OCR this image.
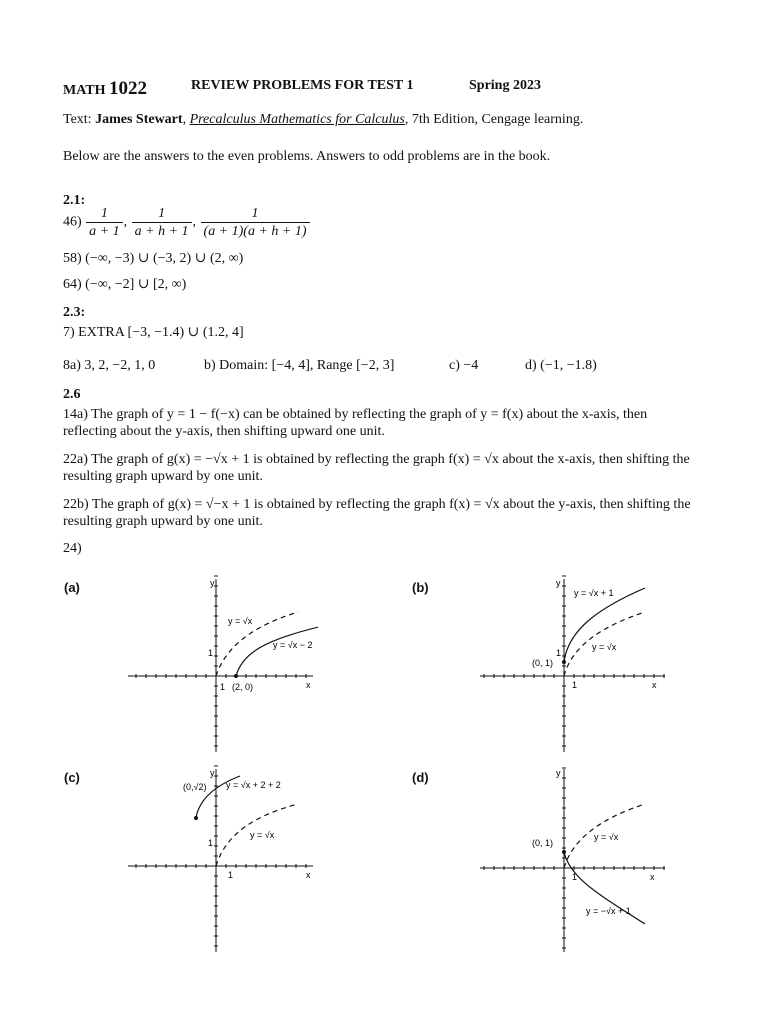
MATH 1022	REVIEW PROBLEMS FOR TEST 1	Spring 2023
Text: James Stewart, Precalculus Mathematics for Calculus, 7th Edition, Cengage learning.
Below are the answers to the even problems. Answers to odd problems are in the book.
2.1:
$46) \frac{1}{a + 1}$ , $\frac{1}{a + h + 1}$ , $\frac{1}{(a + 1)(a + h + 1)}$
58) (−∞, −3) ∪ (−3, 2) ∪ (2, ∞)
64) (−∞, −2] ∪ [2, ∞)
2.3:
7) EXTRA [−3, −1.4) ∪ (1.2, 4]
8a) 3, 2, −2, 1, 0	b) Domain: [−4, 4], Range [−2, 3]	c) −4	d) (−1, −1.8)
2.6
14a) The graph of y = 1 − f(−x) can be obtained by reflecting the graph of y = f(x) about the x-axis, then reflecting about the y-axis, then shifting upward one unit.
22a) The graph of g(x) = −√x + 1 is obtained by reflecting the graph f(x) = √x about the x-axis, then shifting the resulting graph upward by one unit.
22b) The graph of g(x) = √−x + 1 is obtained by reflecting the graph f(x) = √x about the y-axis, then shifting the resulting graph upward by one unit.
24)
(a)	(b)
(c)	(d)
y
x
1
1 (2, 0)
y = √x
y = √x − 2
y
x
1
1
(0, 1)
y = √x + 1
y = √x
y
x
1
1
(0,√2) y = √x + 2 + 2
y = √x
y
x
1
(0, 1)
y = √x
y = −√x + 1
